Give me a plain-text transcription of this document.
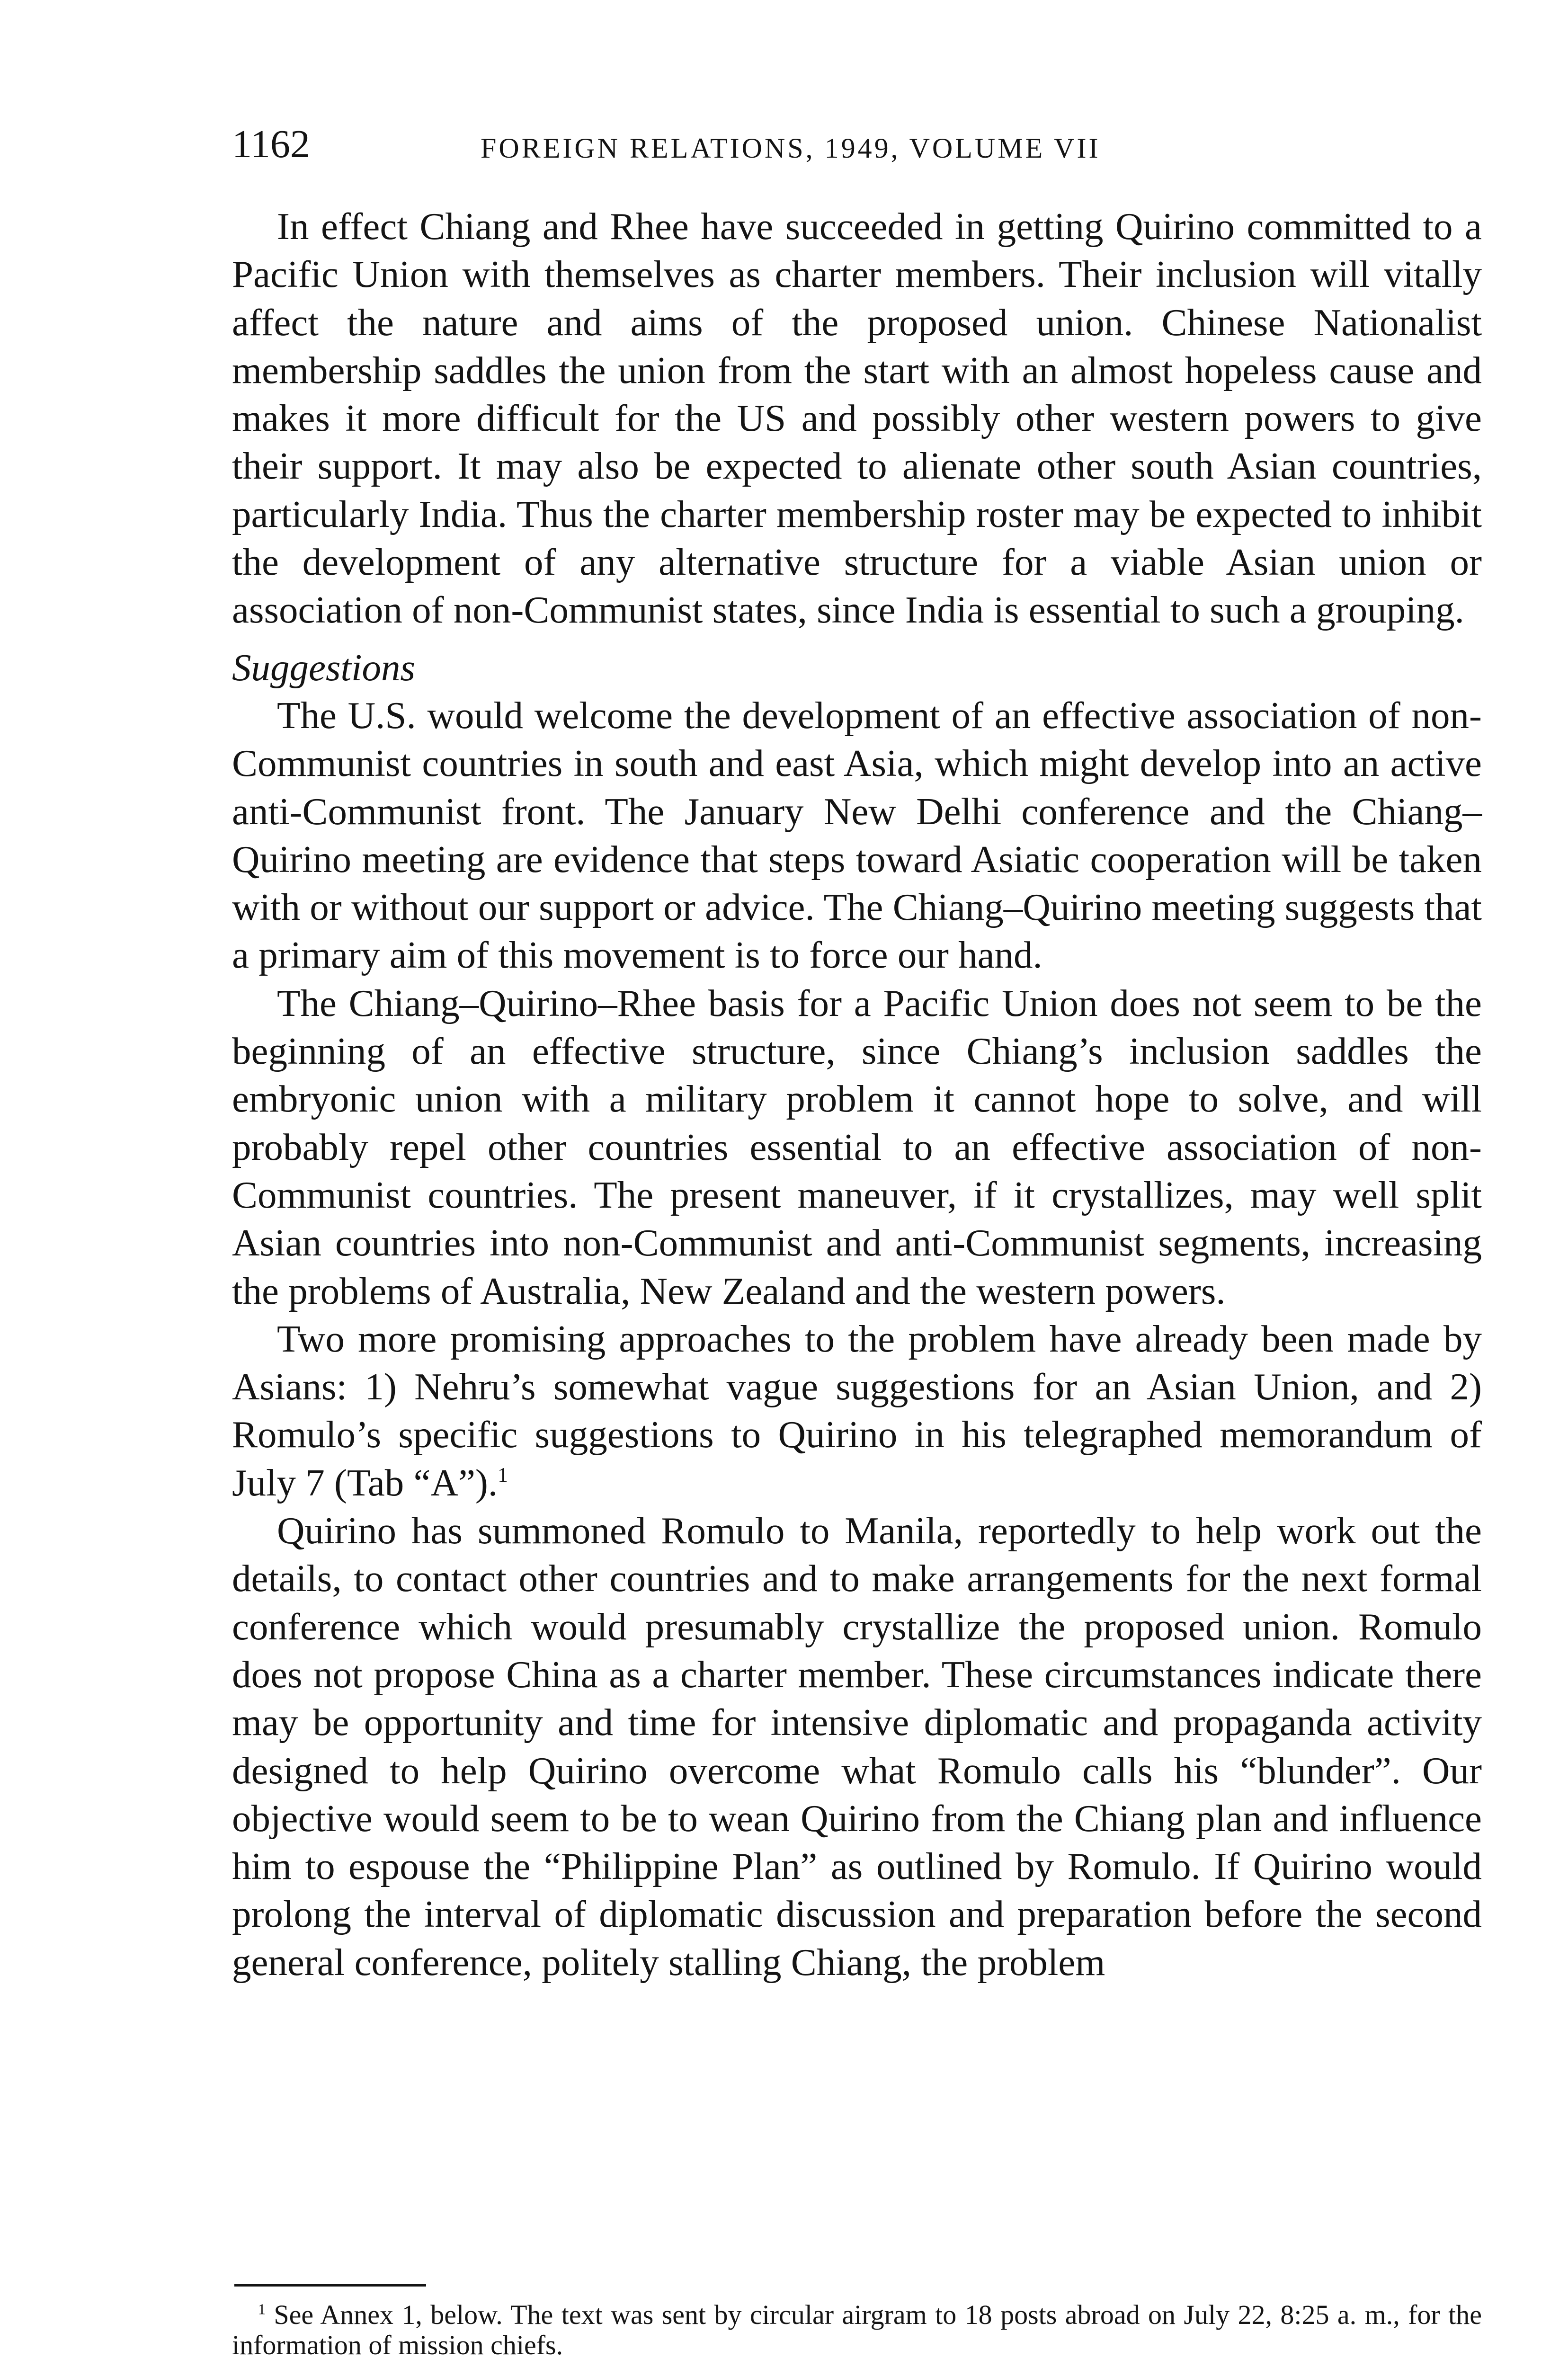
1162	FOREIGN RELATIONS, 1949, VOLUME VII

In effect Chiang and Rhee have succeeded in getting Quirino committed to a Pacific Union with themselves as charter members. Their inclusion will vitally affect the nature and aims of the proposed union. Chinese Nationalist membership saddles the union from the start with an almost hopeless cause and makes it more difficult for the US and possibly other western powers to give their support. It may also be expected to alienate other south Asian countries, particularly India. Thus the charter membership roster may be expected to inhibit the development of any alternative structure for a viable Asian union or association of non-Communist states, since India is essential to such a grouping.

Suggestions

The U.S. would welcome the development of an effective association of non-Communist countries in south and east Asia, which might develop into an active anti-Communist front. The January New Delhi conference and the Chiang–Quirino meeting are evidence that steps toward Asiatic cooperation will be taken with or without our support or advice. The Chiang–Quirino meeting suggests that a primary aim of this movement is to force our hand.

The Chiang–Quirino–Rhee basis for a Pacific Union does not seem to be the beginning of an effective structure, since Chiang’s inclusion saddles the embryonic union with a military problem it cannot hope to solve, and will probably repel other countries essential to an effective association of non-Communist countries. The present maneuver, if it crystallizes, may well split Asian countries into non-Communist and anti-Communist segments, increasing the problems of Australia, New Zealand and the western powers.

Two more promising approaches to the problem have already been made by Asians: 1) Nehru’s somewhat vague suggestions for an Asian Union, and 2) Romulo’s specific suggestions to Quirino in his telegraphed memorandum of July 7 (Tab “A”).$^1$

Quirino has summoned Romulo to Manila, reportedly to help work out the details, to contact other countries and to make arrangements for the next formal conference which would presumably crystallize the proposed union. Romulo does not propose China as a charter member. These circumstances indicate there may be opportunity and time for intensive diplomatic and propaganda activity designed to help Quirino overcome what Romulo calls his “blunder”. Our objective would seem to be to wean Quirino from the Chiang plan and influence him to espouse the “Philippine Plan” as outlined by Romulo. If Quirino would prolong the interval of diplomatic discussion and preparation before the second general conference, politely stalling Chiang, the problem

$^1$ See Annex 1, below. The text was sent by circular airgram to 18 posts abroad on July 22, 8:25 a. m., for the information of mission chiefs.
